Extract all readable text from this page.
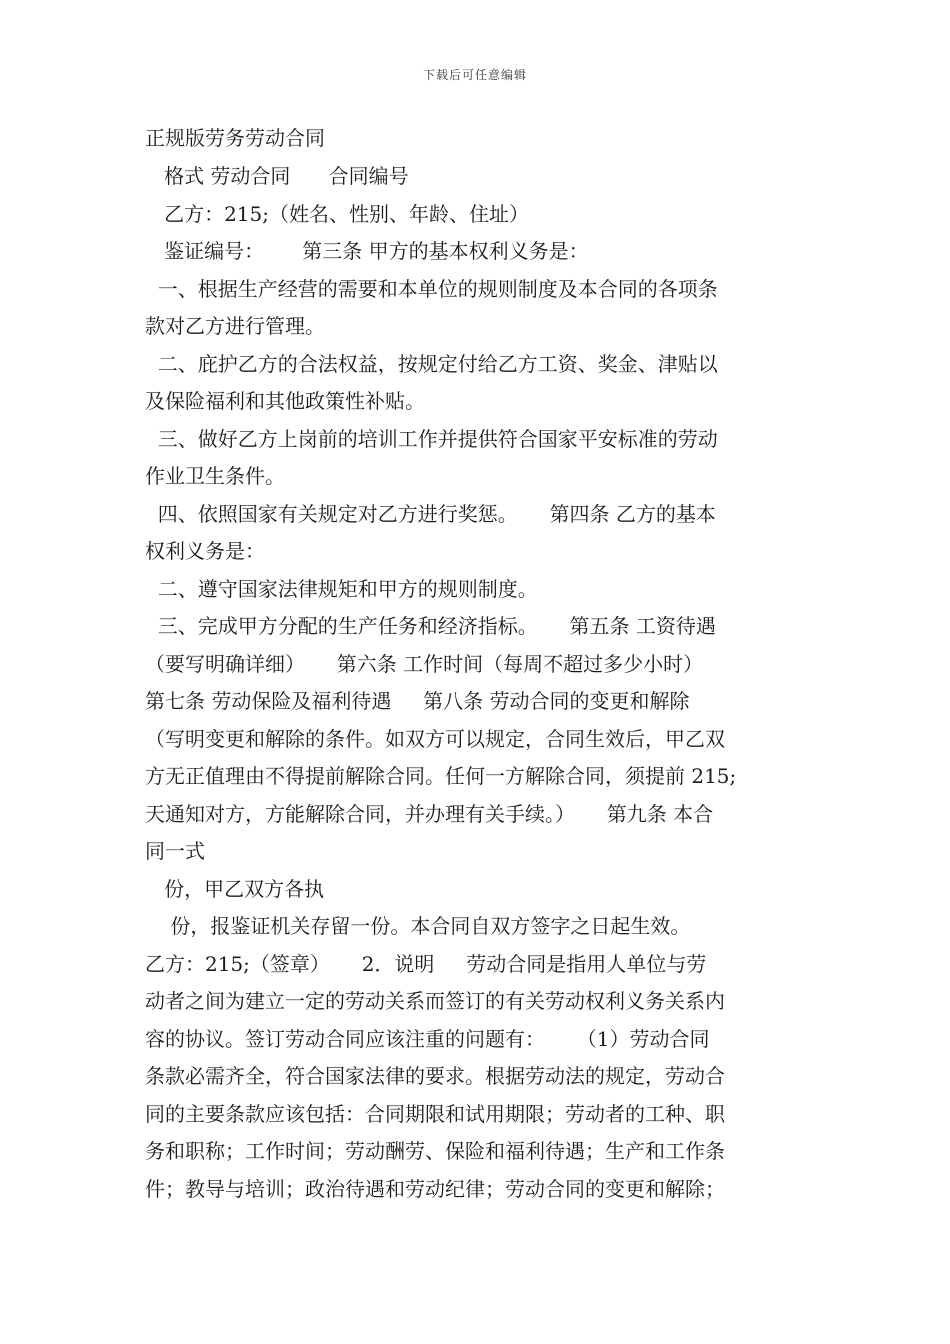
下载后可任意编辑
正规版劳务劳动合同
格式 劳动合同      合同编号
乙方：215;（姓名、性别、年龄、住址）
鉴证编号：      第三条 甲方的基本权利义务是：
一、根据生产经营的需要和本单位的规则制度及本合同的各项条
款对乙方进行管理。
二、庇护乙方的合法权益，按规定付给乙方工资、奖金、津贴以
及保险福利和其他政策性补贴。
三、做好乙方上岗前的培训工作并提供符合国家平安标准的劳动
作业卫生条件。
四、依照国家有关规定对乙方进行奖惩。     第四条 乙方的基本
权利义务是：
二、遵守国家法律规矩和甲方的规则制度。
三、完成甲方分配的生产任务和经济指标。     第五条 工资待遇
（要写明确详细）     第六条 工作时间（每周不超过多少小时）
第七条 劳动保险及福利待遇     第八条 劳动合同的变更和解除
（写明变更和解除的条件。如双方可以规定，合同生效后，甲乙双
方无正值理由不得提前解除合同。任何一方解除合同，须提前 215;
天通知对方，方能解除合同，并办理有关手续。）     第九条 本合
同一式
份，甲乙双方各执
份，报鉴证机关存留一份。本合同自双方签字之日起生效。
乙方：215;（签章）     2．说明     劳动合同是指用人单位与劳
动者之间为建立一定的劳动关系而签订的有关劳动权利义务关系内
容的协议。签订劳动合同应该注重的问题有：     （1）劳动合同
条款必需齐全，符合国家法律的要求。根据劳动法的规定，劳动合
同的主要条款应该包括：合同期限和试用期限；劳动者的工种、职
务和职称；工作时间；劳动酬劳、保险和福利待遇；生产和工作条
件；教导与培训；政治待遇和劳动纪律；劳动合同的变更和解除；
